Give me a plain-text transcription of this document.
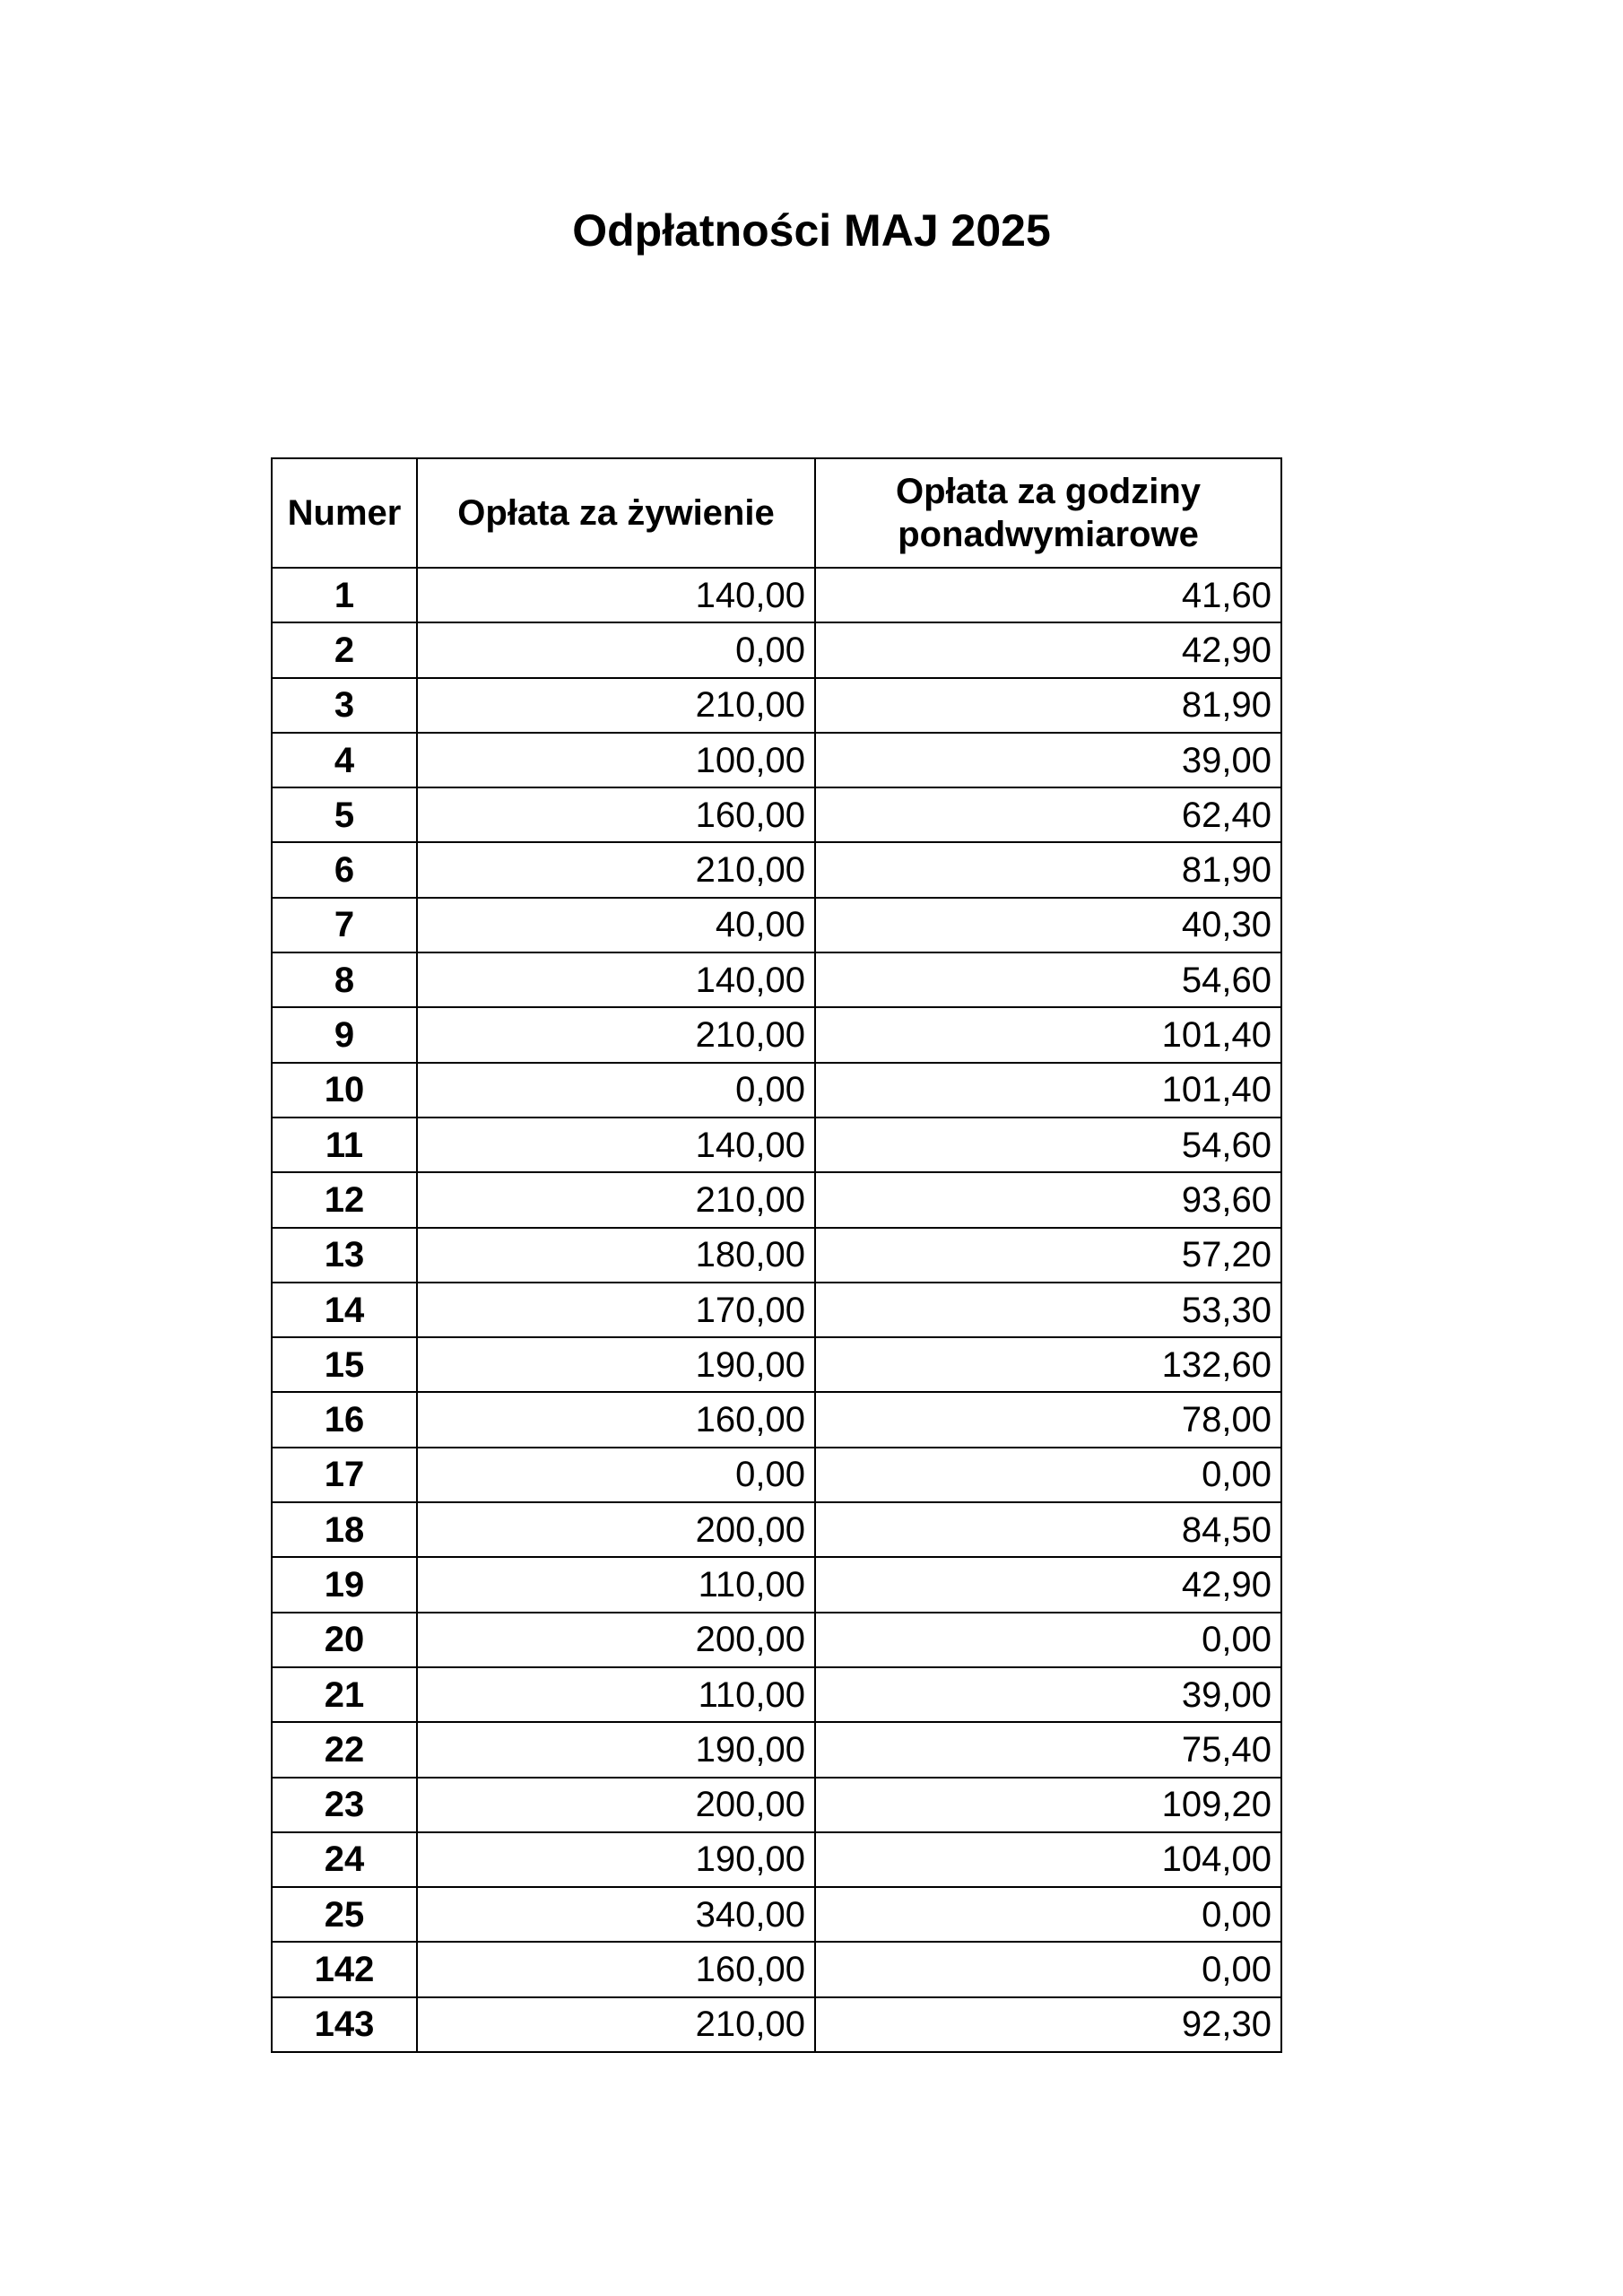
Odpłatności MAJ 2025
Numer	Opłata za żywienie	Opłata za godziny
ponadwymiarowe

1	140,00	41,60
2	0,00	42,90
3	210,00	81,90
4	100,00	39,00
5	160,00	62,40
6	210,00	81,90
7	40,00	40,30
8	140,00	54,60
9	210,00	101,40
10	0,00	101,40
11	140,00	54,60
12	210,00	93,60
13	180,00	57,20
14	170,00	53,30
15	190,00	132,60
16	160,00	78,00
17	0,00	0,00
18	200,00	84,50
19	110,00	42,90
20	200,00	0,00
21	110,00	39,00
22	190,00	75,40
23	200,00	109,20
24	190,00	104,00
25	340,00	0,00
142	160,00	0,00
143	210,00	92,30
